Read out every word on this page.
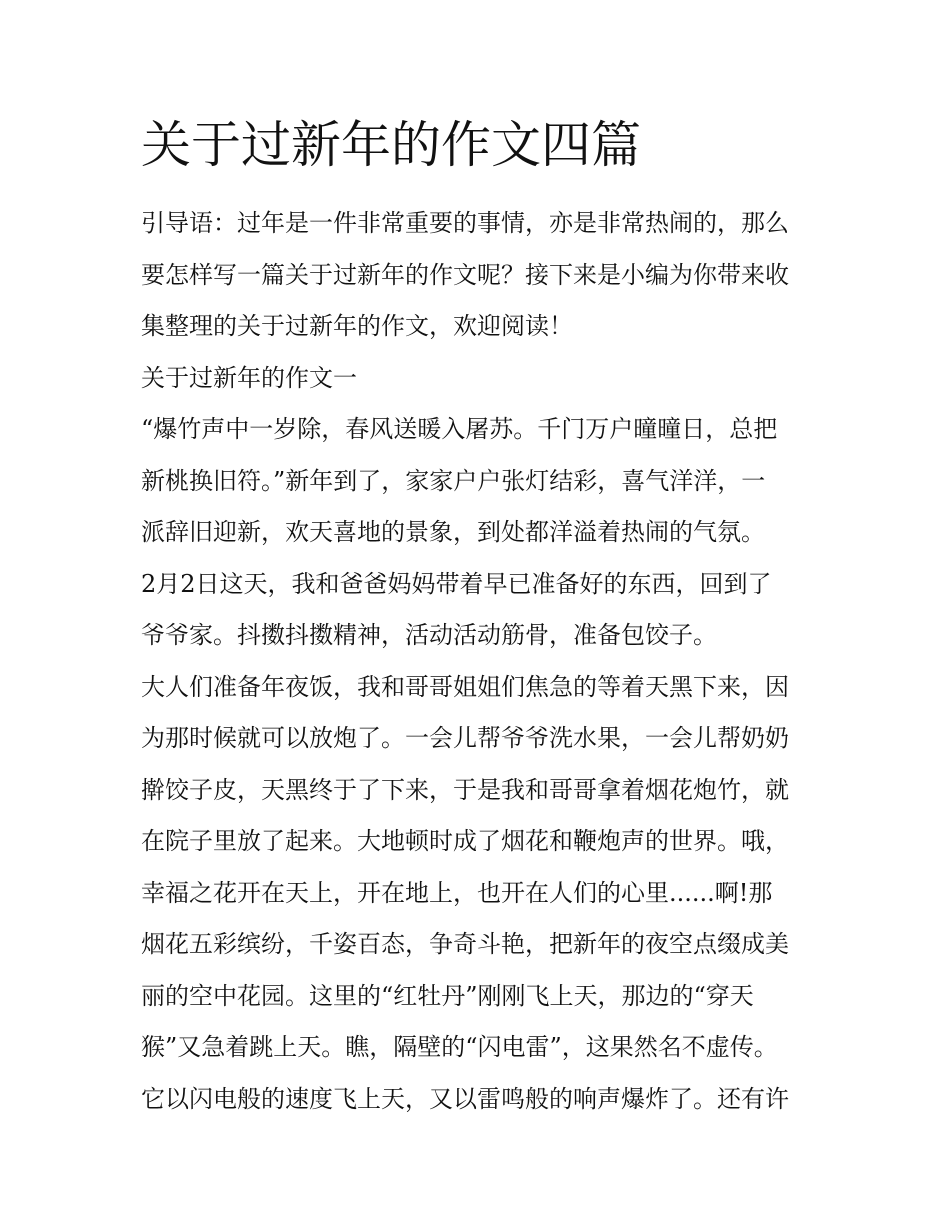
关于过新年的作文四篇

引导语：过年是一件非常重要的事情，亦是非常热闹的，那么

要怎样写一篇关于过新年的作文呢？接下来是小编为你带来收

集整理的关于过新年的作文，欢迎阅读！

关于过新年的作文一

“爆竹声中一岁除，春风送暖入屠苏。千门万户曈曈日，总把

新桃换旧符。”新年到了，家家户户张灯结彩，喜气洋洋，一

派辞旧迎新，欢天喜地的景象，到处都洋溢着热闹的气氛。

2月2日这天，我和爸爸妈妈带着早已准备好的东西，回到了

爷爷家。抖擞抖擞精神，活动活动筋骨，准备包饺子。

大人们准备年夜饭，我和哥哥姐姐们焦急的等着天黑下来，因

为那时候就可以放炮了。一会儿帮爷爷洗水果，一会儿帮奶奶

擀饺子皮，天黑终于了下来，于是我和哥哥拿着烟花炮竹，就

在院子里放了起来。大地顿时成了烟花和鞭炮声的世界。哦，

幸福之花开在天上，开在地上，也开在人们的心里......啊!那

烟花五彩缤纷，千姿百态，争奇斗艳，把新年的夜空点缀成美

丽的空中花园。这里的“红牡丹”刚刚飞上天，那边的“穿天

猴”又急着跳上天。瞧，隔壁的“闪电雷”，这果然名不虚传。

它以闪电般的速度飞上天，又以雷鸣般的响声爆炸了。还有许
